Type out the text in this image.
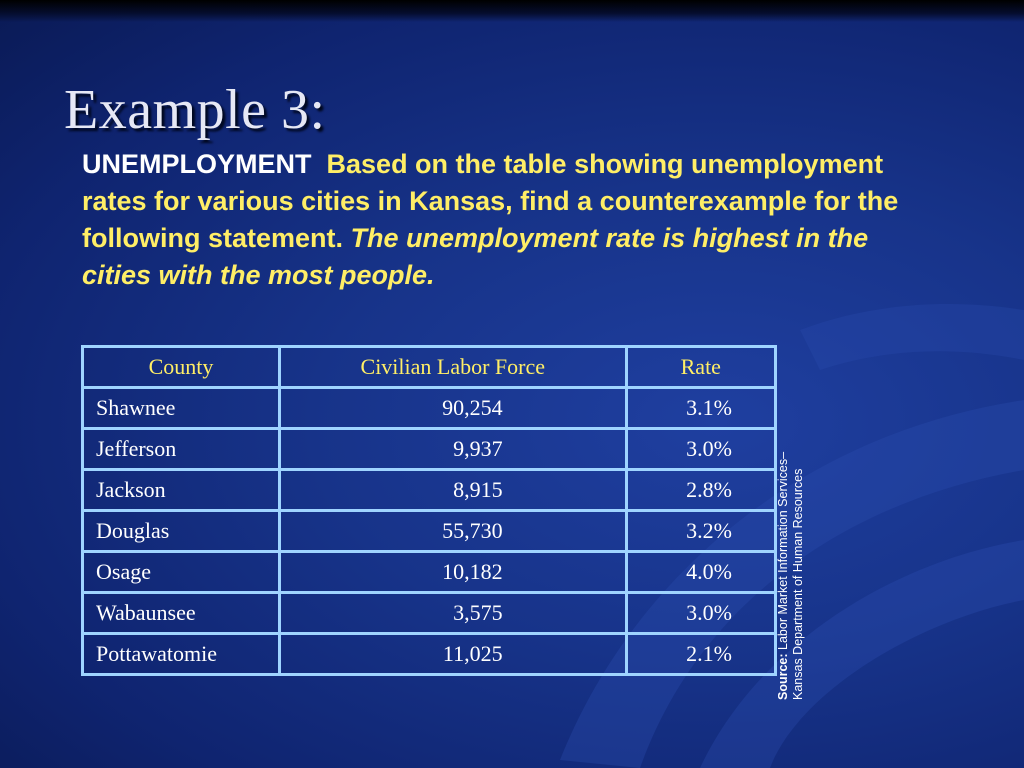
Example 3:
UNEMPLOYMENT Based on the table showing unemployment rates for various cities in Kansas, find a counterexample for the following statement. The unemployment rate is highest in the cities with the most people.
County	Civilian Labor Force	Rate
Shawnee	90,254	3.1%
Jefferson	9,937	3.0%
Jackson	8,915	2.8%
Douglas	55,730	3.2%
Osage	10,182	4.0%
Wabaunsee	3,575	3.0%
Pottawatomie	11,025	2.1%	Source: Labor Market Information Services–
Kansas Department of Human Resources
